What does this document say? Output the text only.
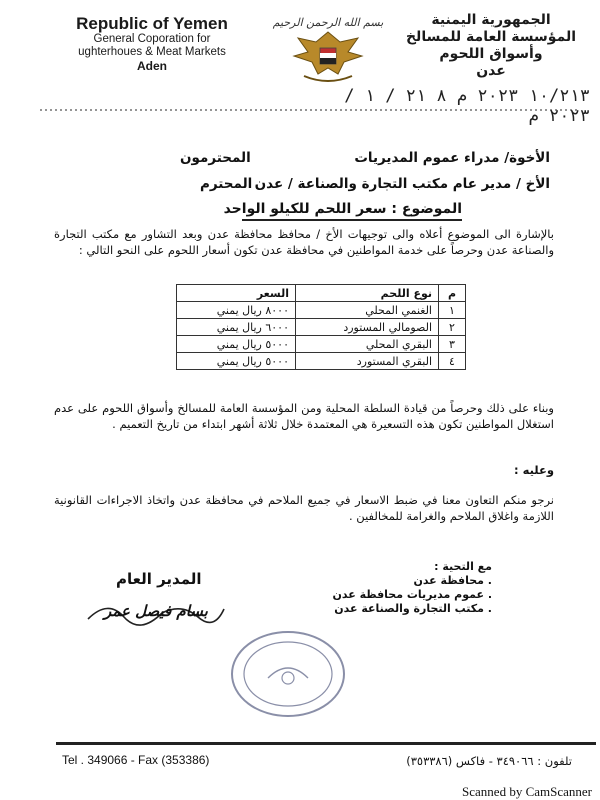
Republic of Yemen
General Coporation for
ughterhoues & Meat Markets
Aden
بسم الله الرحمن الرحيم	الجمهورية اليمنية
المؤسسة العامة للمسالخ
وأسواق اللحوم
عدن
١٠/٢١٣ ٢٠٢٣ م ٨ ٢١ / ١ / ٢٠٢٣ م
الأخوة/ مدراء عموم المديريات
المحترمون
الأخ / مدير عام مكتب التجارة والصناعة / عدن
المحترم
الموضوع : سعر اللحم للكيلو الواحد
بالإشارة الى الموضوع أعلاه والى توجيهات الأخ / محافظ محافظة عدن وبعد التشاور مع مكتب التجارة والصناعة عدن وحرصاً على خدمة المواطنين في محافظة عدن تكون أسعار اللحوم على النحو التالي :
م	نوع اللحم	السعر
١	الغنمي المحلي	٨٠٠٠ ريال يمني
٢	الصومالي المستورد	٦٠٠٠ ريال يمني
٣	البقري المحلي	٥٠٠٠ ريال يمني
٤	البقري المستورد	٥٠٠٠ ريال يمني
وبناء على ذلك وحرصاً من قيادة السلطة المحلية ومن المؤسسة العامة للمسالخ وأسواق اللحوم على عدم استغلال المواطنين تكون هذه التسعيرة هي المعتمدة خلال ثلاثة أشهر ابتداء من تاريخ التعميم .
وعليه :
نرجو منكم التعاون معنا في ضبط الاسعار في جميع الملاحم في محافظة عدن واتخاذ الاجراءات القانونية اللازمة واغلاق الملاحم والغرامة للمخالفين .
المدير العام
بسام فيصل عمر
مع التحية :
. محافظة عدن
. عموم مديريات محافظة عدن
. مكتب التجارة والصناعة عدن
Tel . 349066 - Fax (353386)	تلفون : ٣٤٩٠٦٦ - فاكس (٣٥٣٣٨٦)
Scanned by CamScanner
